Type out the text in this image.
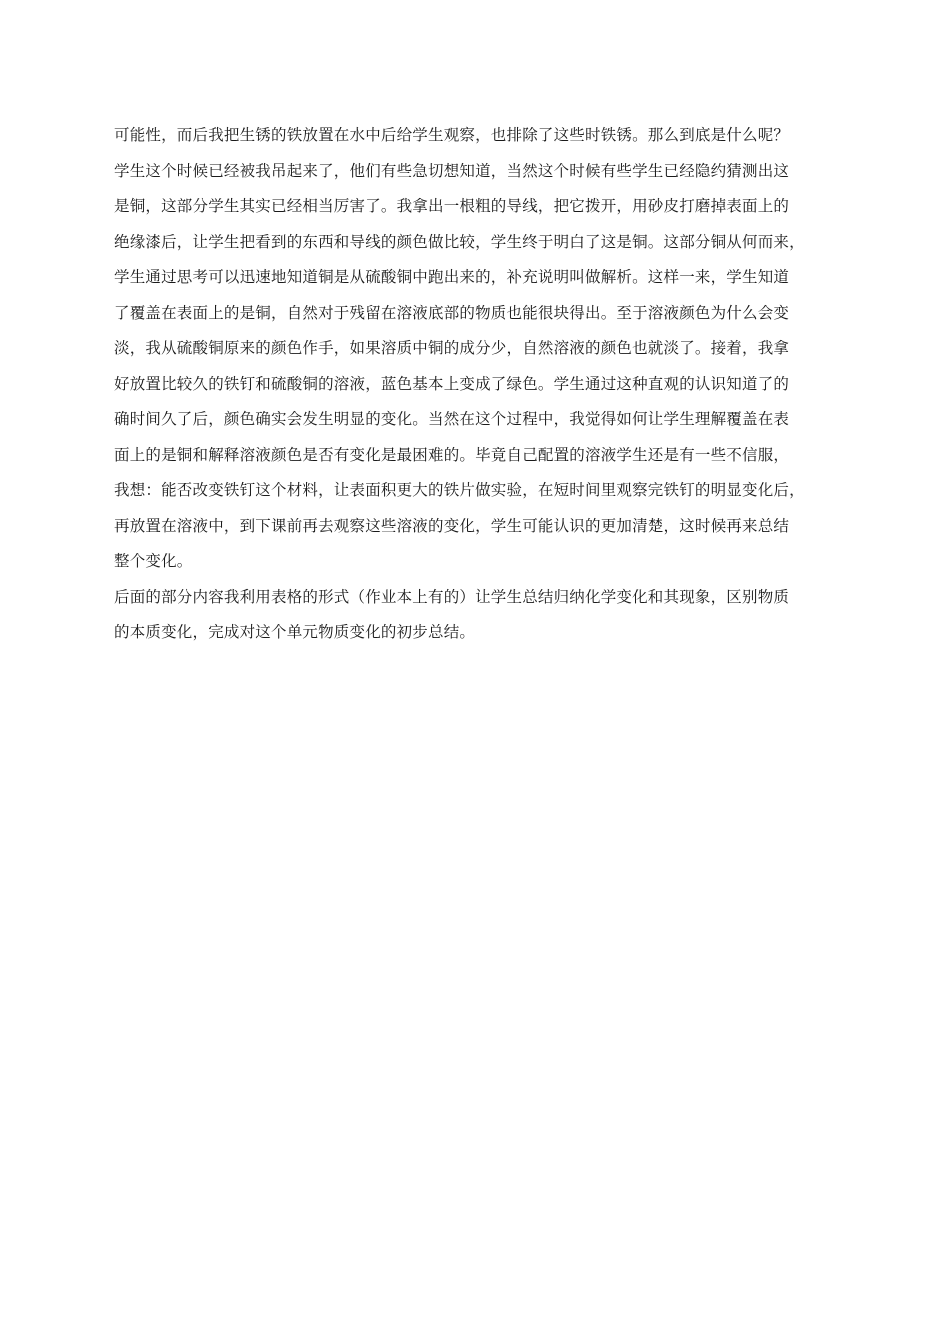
可能性，而后我把生锈的铁放置在水中后给学生观察，也排除了这些时铁锈。那么到底是什么呢？
学生这个时候已经被我吊起来了，他们有些急切想知道，当然这个时候有些学生已经隐约猜测出这
是铜，这部分学生其实已经相当厉害了。我拿出一根粗的导线，把它拨开，用砂皮打磨掉表面上的
绝缘漆后，让学生把看到的东西和导线的颜色做比较，学生终于明白了这是铜。这部分铜从何而来，
学生通过思考可以迅速地知道铜是从硫酸铜中跑出来的，补充说明叫做解析。这样一来，学生知道
了覆盖在表面上的是铜，自然对于残留在溶液底部的物质也能很块得出。至于溶液颜色为什么会变
淡，我从硫酸铜原来的颜色作手，如果溶质中铜的成分少，自然溶液的颜色也就淡了。接着，我拿
好放置比较久的铁钉和硫酸铜的溶液，蓝色基本上变成了绿色。学生通过这种直观的认识知道了的
确时间久了后，颜色确实会发生明显的变化。当然在这个过程中，我觉得如何让学生理解覆盖在表
面上的是铜和解释溶液颜色是否有变化是最困难的。毕竟自己配置的溶液学生还是有一些不信服，
我想：能否改变铁钉这个材料，让表面积更大的铁片做实验，在短时间里观察完铁钉的明显变化后，
再放置在溶液中，到下课前再去观察这些溶液的变化，学生可能认识的更加清楚，这时候再来总结
整个变化。
后面的部分内容我利用表格的形式（作业本上有的）让学生总结归纳化学变化和其现象，区别物质
的本质变化，完成对这个单元物质变化的初步总结。
